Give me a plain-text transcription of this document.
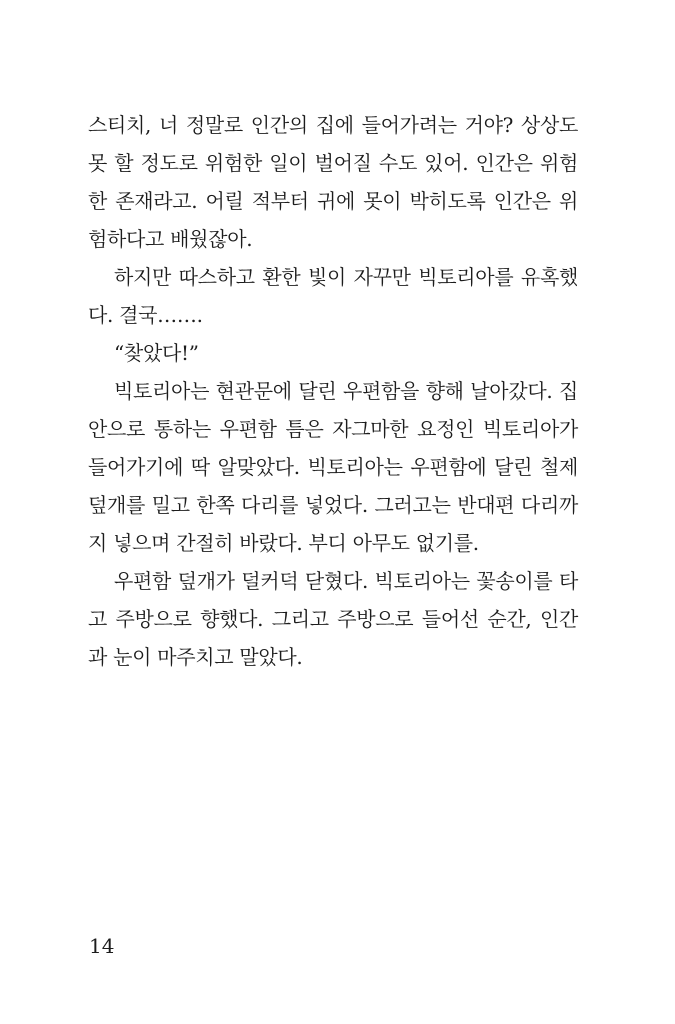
스티치, 너 정말로 인간의 집에 들어가려는 거야? 상상도 못 할 정도로 위험한 일이 벌어질 수도 있어. 인간은 위험한 존재라고. 어릴 적부터 귀에 못이 박히도록 인간은 위험하다고 배웠잖아.

하지만 따스하고 환한 빛이 자꾸만 빅토리아를 유혹했다. 결국…….

“찾았다!”

빅토리아는 현관문에 달린 우편함을 향해 날아갔다. 집 안으로 통하는 우편함 틈은 자그마한 요정인 빅토리아가 들어가기에 딱 알맞았다. 빅토리아는 우편함에 달린 철제 덮개를 밀고 한쪽 다리를 넣었다. 그러고는 반대편 다리까지 넣으며 간절히 바랐다. 부디 아무도 없기를.

우편함 덮개가 덜커덕 닫혔다. 빅토리아는 꽃송이를 타고 주방으로 향했다. 그리고 주방으로 들어선 순간, 인간과 눈이 마주치고 말았다.

14
